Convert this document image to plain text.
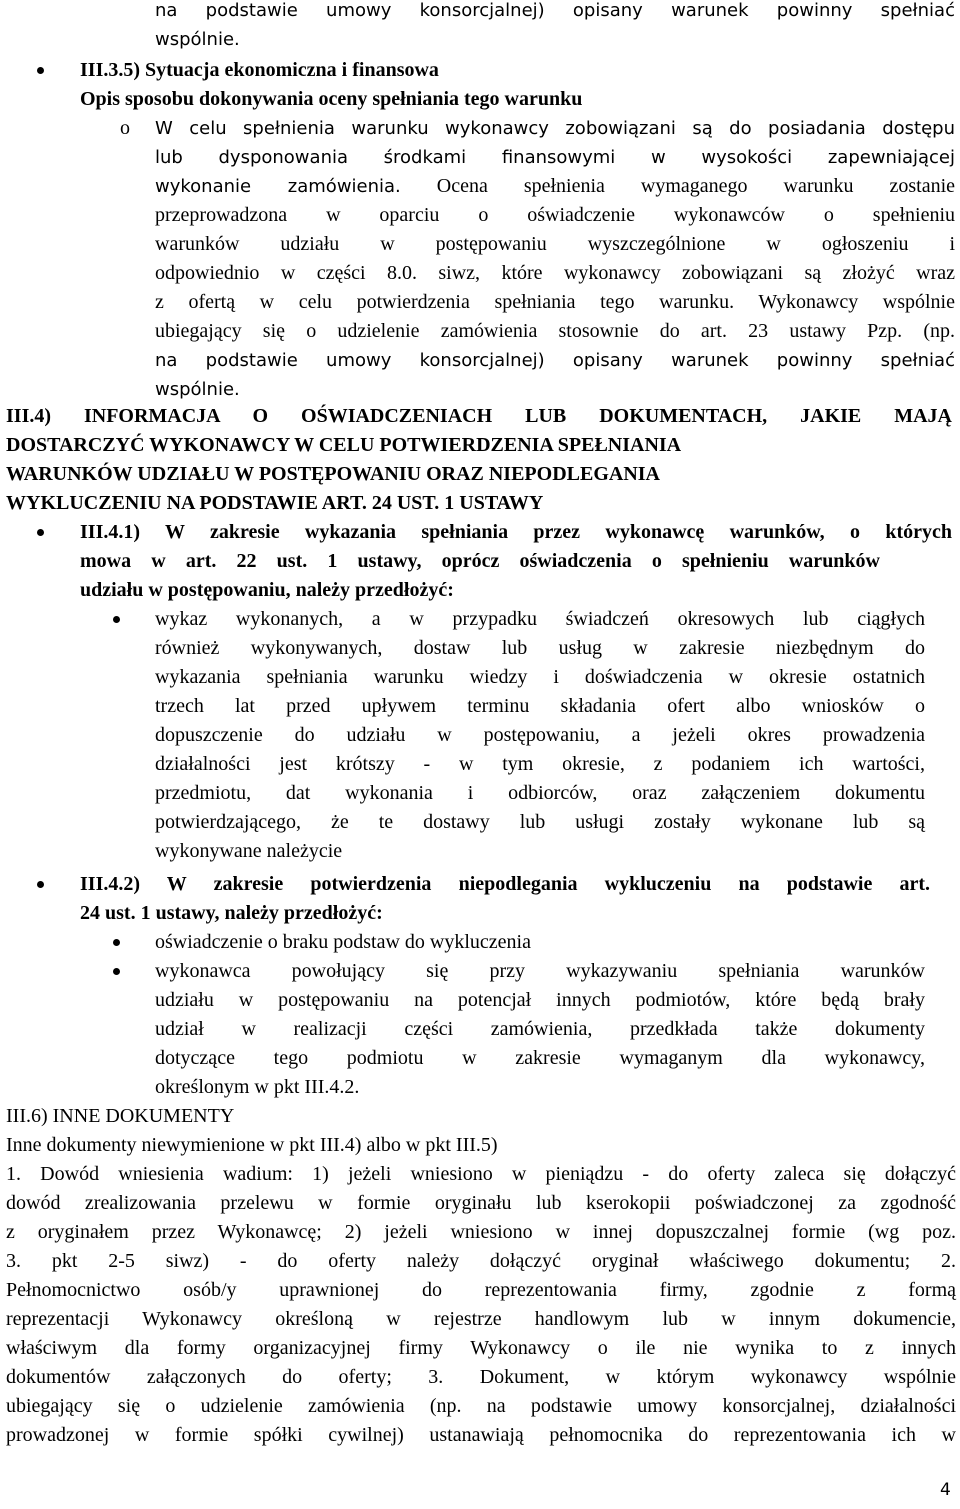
na podstawie umowy konsorcjalnej) opisany warunek powinny spełniać
wspólnie.
III.3.5) Sytuacja ekonomiczna i finansowa
Opis sposobu dokonywania oceny spełniania tego warunku
o W celu spełnienia warunku wykonawcy zobowiązani są do posiadania dostępu
lub dysponowania środkami finansowymi w wysokości zapewniającej
wykonanie zamówienia. Ocena spełnienia wymaganego warunku zostanie
przeprowadzona w oparciu o oświadczenie wykonawców o spełnieniu
warunków udziału w postępowaniu wyszczególnione w ogłoszeniu i
odpowiednio w części 8.0. siwz, które wykonawcy zobowiązani są złożyć wraz
z ofertą w celu potwierdzenia spełniania tego warunku. Wykonawcy wspólnie
ubiegający się o udzielenie zamówienia stosownie do art. 23 ustawy Pzp. (np.
na podstawie umowy konsorcjalnej) opisany warunek powinny spełniać
wspólnie.
III.4) INFORMACJA O OŚWIADCZENIACH LUB DOKUMENTACH, JAKIE MAJĄ
DOSTARCZYĆ WYKONAWCY W CELU POTWIERDZENIA SPEŁNIANIA
WARUNKÓW UDZIAŁU W POSTĘPOWANIU ORAZ NIEPODLEGANIA
WYKLUCZENIU NA PODSTAWIE ART. 24 UST. 1 USTAWY
III.4.1) W zakresie wykazania spełniania przez wykonawcę warunków, o których
mowa w art. 22 ust. 1 ustawy, oprócz oświadczenia o spełnieniu warunków
udziału w postępowaniu, należy przedłożyć:
wykaz wykonanych, a w przypadku świadczeń okresowych lub ciągłych
również wykonywanych, dostaw lub usług w zakresie niezbędnym do
wykazania spełniania warunku wiedzy i doświadczenia w okresie ostatnich
trzech lat przed upływem terminu składania ofert albo wniosków o
dopuszczenie do udziału w postępowaniu, a jeżeli okres prowadzenia
działalności jest krótszy - w tym okresie, z podaniem ich wartości,
przedmiotu, dat wykonania i odbiorców, oraz załączeniem dokumentu
potwierdzającego, że te dostawy lub usługi zostały wykonane lub są
wykonywane należycie
III.4.2) W zakresie potwierdzenia niepodlegania wykluczeniu na podstawie art.
24 ust. 1 ustawy, należy przedłożyć:
oświadczenie o braku podstaw do wykluczenia
wykonawca powołujący się przy wykazywaniu spełniania warunków
udziału w postępowaniu na potencjał innych podmiotów, które będą brały
udział w realizacji części zamówienia, przedkłada także dokumenty
dotyczące tego podmiotu w zakresie wymaganym dla wykonawcy,
określonym w pkt III.4.2.
III.6) INNE DOKUMENTY
Inne dokumenty niewymienione w pkt III.4) albo w pkt III.5)
1. Dowód wniesienia wadium: 1) jeżeli wniesiono w pieniądzu - do oferty zaleca się dołączyć
dowód zrealizowania przelewu w formie oryginału lub kserokopii poświadczonej za zgodność
z oryginałem przez Wykonawcę; 2) jeżeli wniesiono w innej dopuszczalnej formie (wg poz.
3. pkt 2-5 siwz) - do oferty należy dołączyć oryginał właściwego dokumentu; 2.
Pełnomocnictwo osób/y uprawnionej do reprezentowania firmy, zgodnie z formą
reprezentacji Wykonawcy określoną w rejestrze handlowym lub w innym dokumencie,
właściwym dla formy organizacyjnej firmy Wykonawcy o ile nie wynika to z innych
dokumentów załączonych do oferty; 3. Dokument, w którym wykonawcy wspólnie
ubiegający się o udzielenie zamówienia (np. na podstawie umowy konsorcjalnej, działalności
prowadzonej w formie spółki cywilnej) ustanawiają pełnomocnika do reprezentowania ich w
4
